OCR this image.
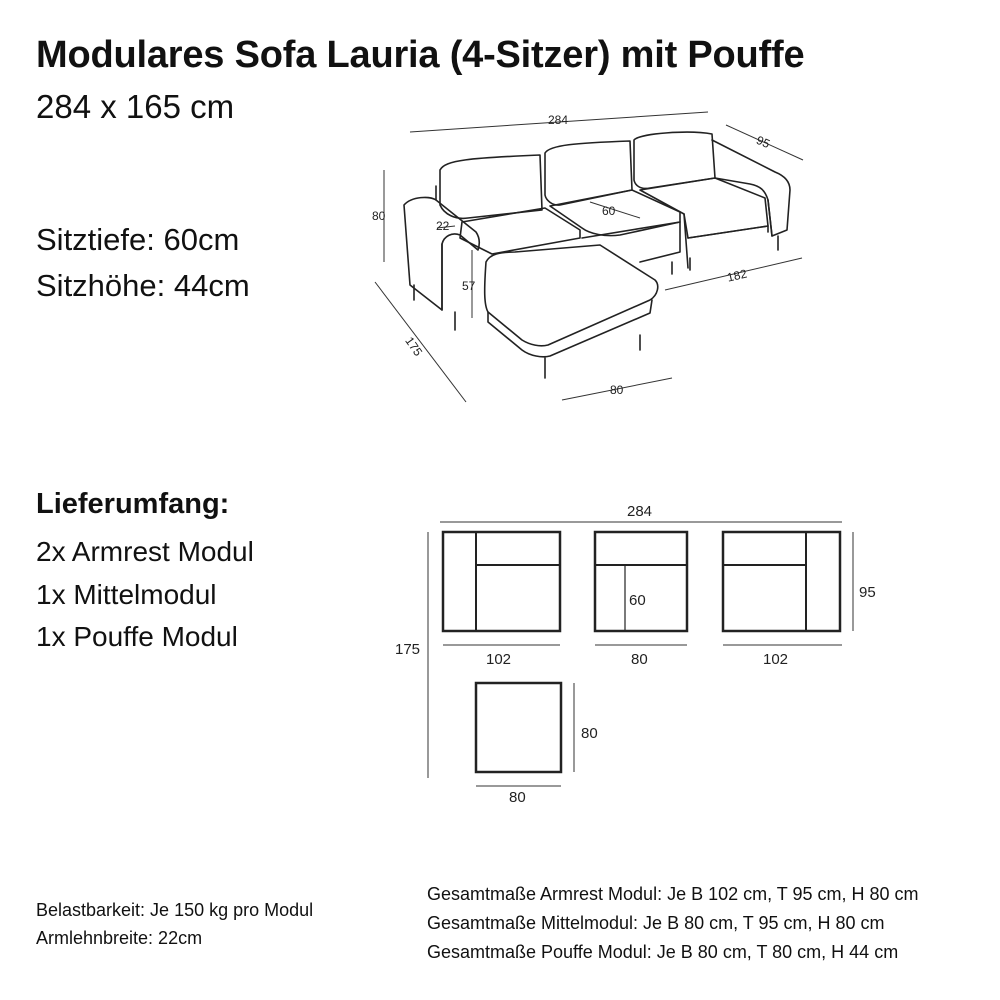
Modulares Sofa Lauria (4-Sitzer) mit Pouffe
284 x 165 cm
Sitztiefe: 60cm
Sitzhöhe: 44cm
284
95
80
22
60
57
175
182
80
Lieferumfang:
2x Armrest Modul
1x Mittelmodul
1x Pouffe Modul
284
175
95
102	80	102
60
80
80
Belastbarkeit: Je 150 kg pro Modul
Armlehnbreite: 22cm
Gesamtmaße Armrest Modul: Je B 102 cm, T 95 cm, H 80 cm
Gesamtmaße Mittelmodul: Je B 80 cm, T 95 cm, H 80 cm
Gesamtmaße Pouffe Modul: Je B 80 cm, T 80 cm, H 44 cm
